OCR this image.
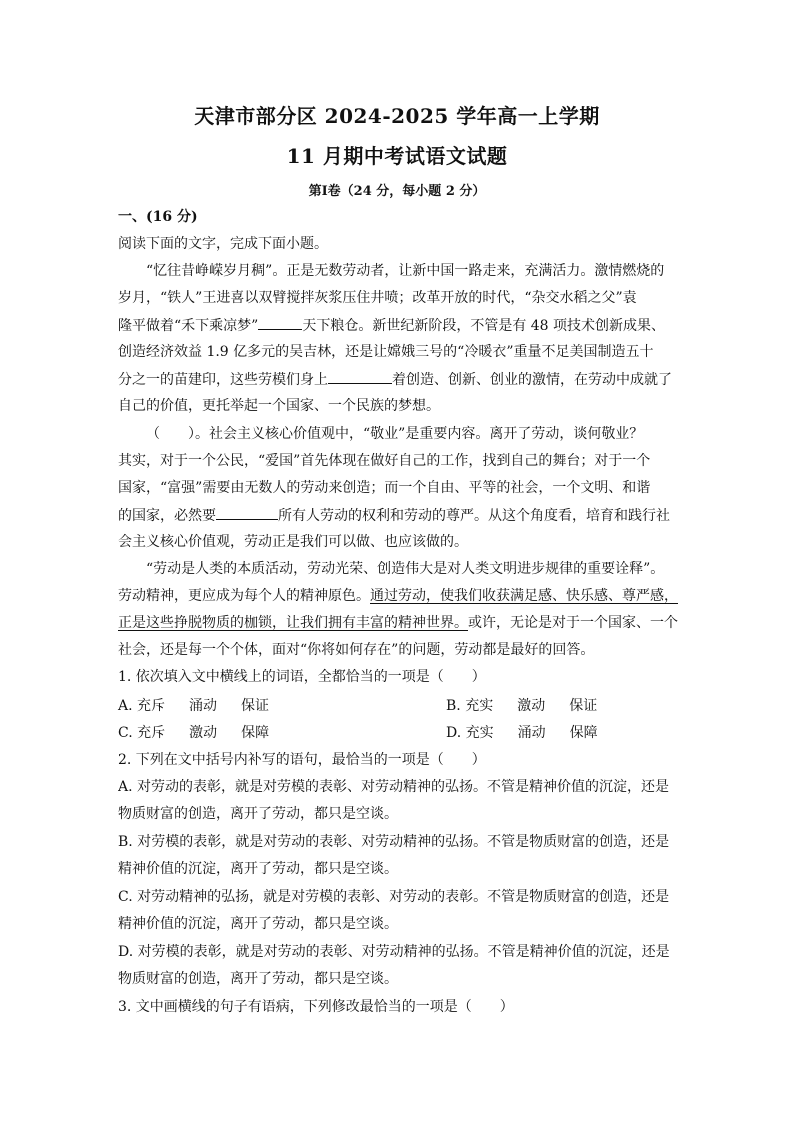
天津市部分区 2024-2025 学年高一上学期
11 月期中考试语文试题
第Ⅰ卷（24 分，每小题 2 分）
一、(16 分)
阅读下面的文字，完成下面小题。
“忆往昔峥嵘岁月稠”。正是无数劳动者，让新中国一路走来，充满活力。激情燃烧的
岁月，“铁人”王进喜以双臂搅拌灰浆压住井喷；改革开放的时代，“杂交水稻之父”袁
隆平做着“禾下乘凉梦”	天下粮仓。新世纪新阶段，不管是有 48 项技术创新成果、
创造经济效益 1.9 亿多元的吴吉林，还是让嫦娥三号的“冷暖衣”重量不足美国制造五十
分之一的苗建印，这些劳模们身上	着创造、创新、创业的激情，在劳动中成就了
自己的价值，更托举起一个国家、一个民族的梦想。
（　　）。社会主义核心价值观中，“敬业”是重要内容。离开了劳动，谈何敬业？
其实，对于一个公民，“爱国”首先体现在做好自己的工作，找到自己的舞台；对于一个
国家，“富强”需要由无数人的劳动来创造；而一个自由、平等的社会，一个文明、和谐
的国家，必然要	所有人劳动的权利和劳动的尊严。从这个角度看，培育和践行社
会主义核心价值观，劳动正是我们可以做、也应该做的。
“劳动是人类的本质活动，劳动光荣、创造伟大是对人类文明进步规律的重要诠释”。
劳动精神，更应成为每个人的精神原色。通过劳动，使我们收获满足感、快乐感、尊严感，
正是这些挣脱物质的枷锁，让我们拥有丰富的精神世界。或许，无论是对于一个国家、一个
社会，还是每一个个体，面对“你将如何存在”的问题，劳动都是最好的回答。
1. 依次填入文中横线上的词语，全都恰当的一项是（　　）
A. 充斥 涌动 保证	B. 充实 激动 保证
C. 充斥 激动 保障	D. 充实 涌动 保障
2. 下列在文中括号内补写的语句，最恰当的一项是（　　）
A. 对劳动的表彰，就是对劳模的表彰、对劳动精神的弘扬。不管是精神价值的沉淀，还是
物质财富的创造，离开了劳动，都只是空谈。
B. 对劳模的表彰，就是对劳动的表彰、对劳动精神的弘扬。不管是物质财富的创造，还是
精神价值的沉淀，离开了劳动，都只是空谈。
C. 对劳动精神的弘扬，就是对劳模的表彰、对劳动的表彰。不管是物质财富的创造，还是
精神价值的沉淀，离开了劳动，都只是空谈。
D. 对劳模的表彰，就是对劳动的表彰、对劳动精神的弘扬。不管是精神价值的沉淀，还是
物质财富的创造，离开了劳动，都只是空谈。
3. 文中画横线的句子有语病，下列修改最恰当的一项是（　　）
